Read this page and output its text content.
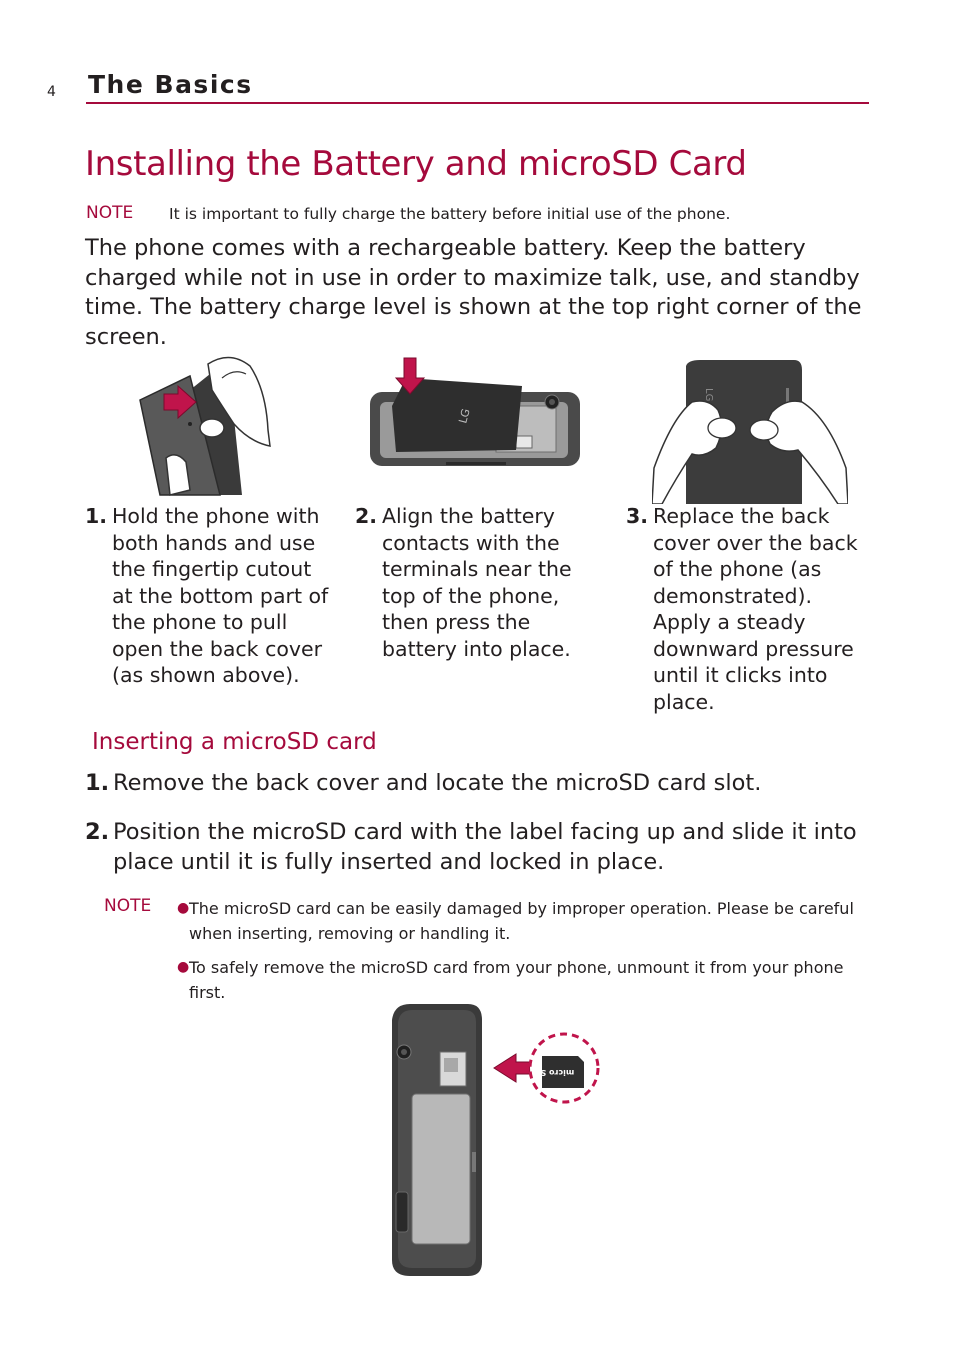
4 The Basics
Installing the Battery and microSD Card
NOTE It is important to fully charge the battery before initial use of the phone.
The phone comes with a rechargeable battery. Keep the battery charged while not in use in order to maximize talk, use, and standby time. The battery charge level is shown at the top right corner of the screen.
LG
LG
1. Hold the phone with both hands and use the fingertip cutout at the bottom part of the phone to pull open the back cover (as shown above).
2. Align the battery contacts with the terminals near the top of the phone, then press the battery into place.
3. Replace the back cover over the back of the phone (as demonstrated). Apply a steady downward pressure until it clicks into place.
Inserting a microSD card
1. Remove the back cover and locate the microSD card slot.
2. Position the microSD card with the label facing up and slide it into place until it is fully inserted and locked in place.
NOTE ● The microSD card can be easily damaged by improper operation. Please be careful when inserting, removing or handling it.
● To safely remove the microSD card from your phone, unmount it from your phone first.
micro SD
